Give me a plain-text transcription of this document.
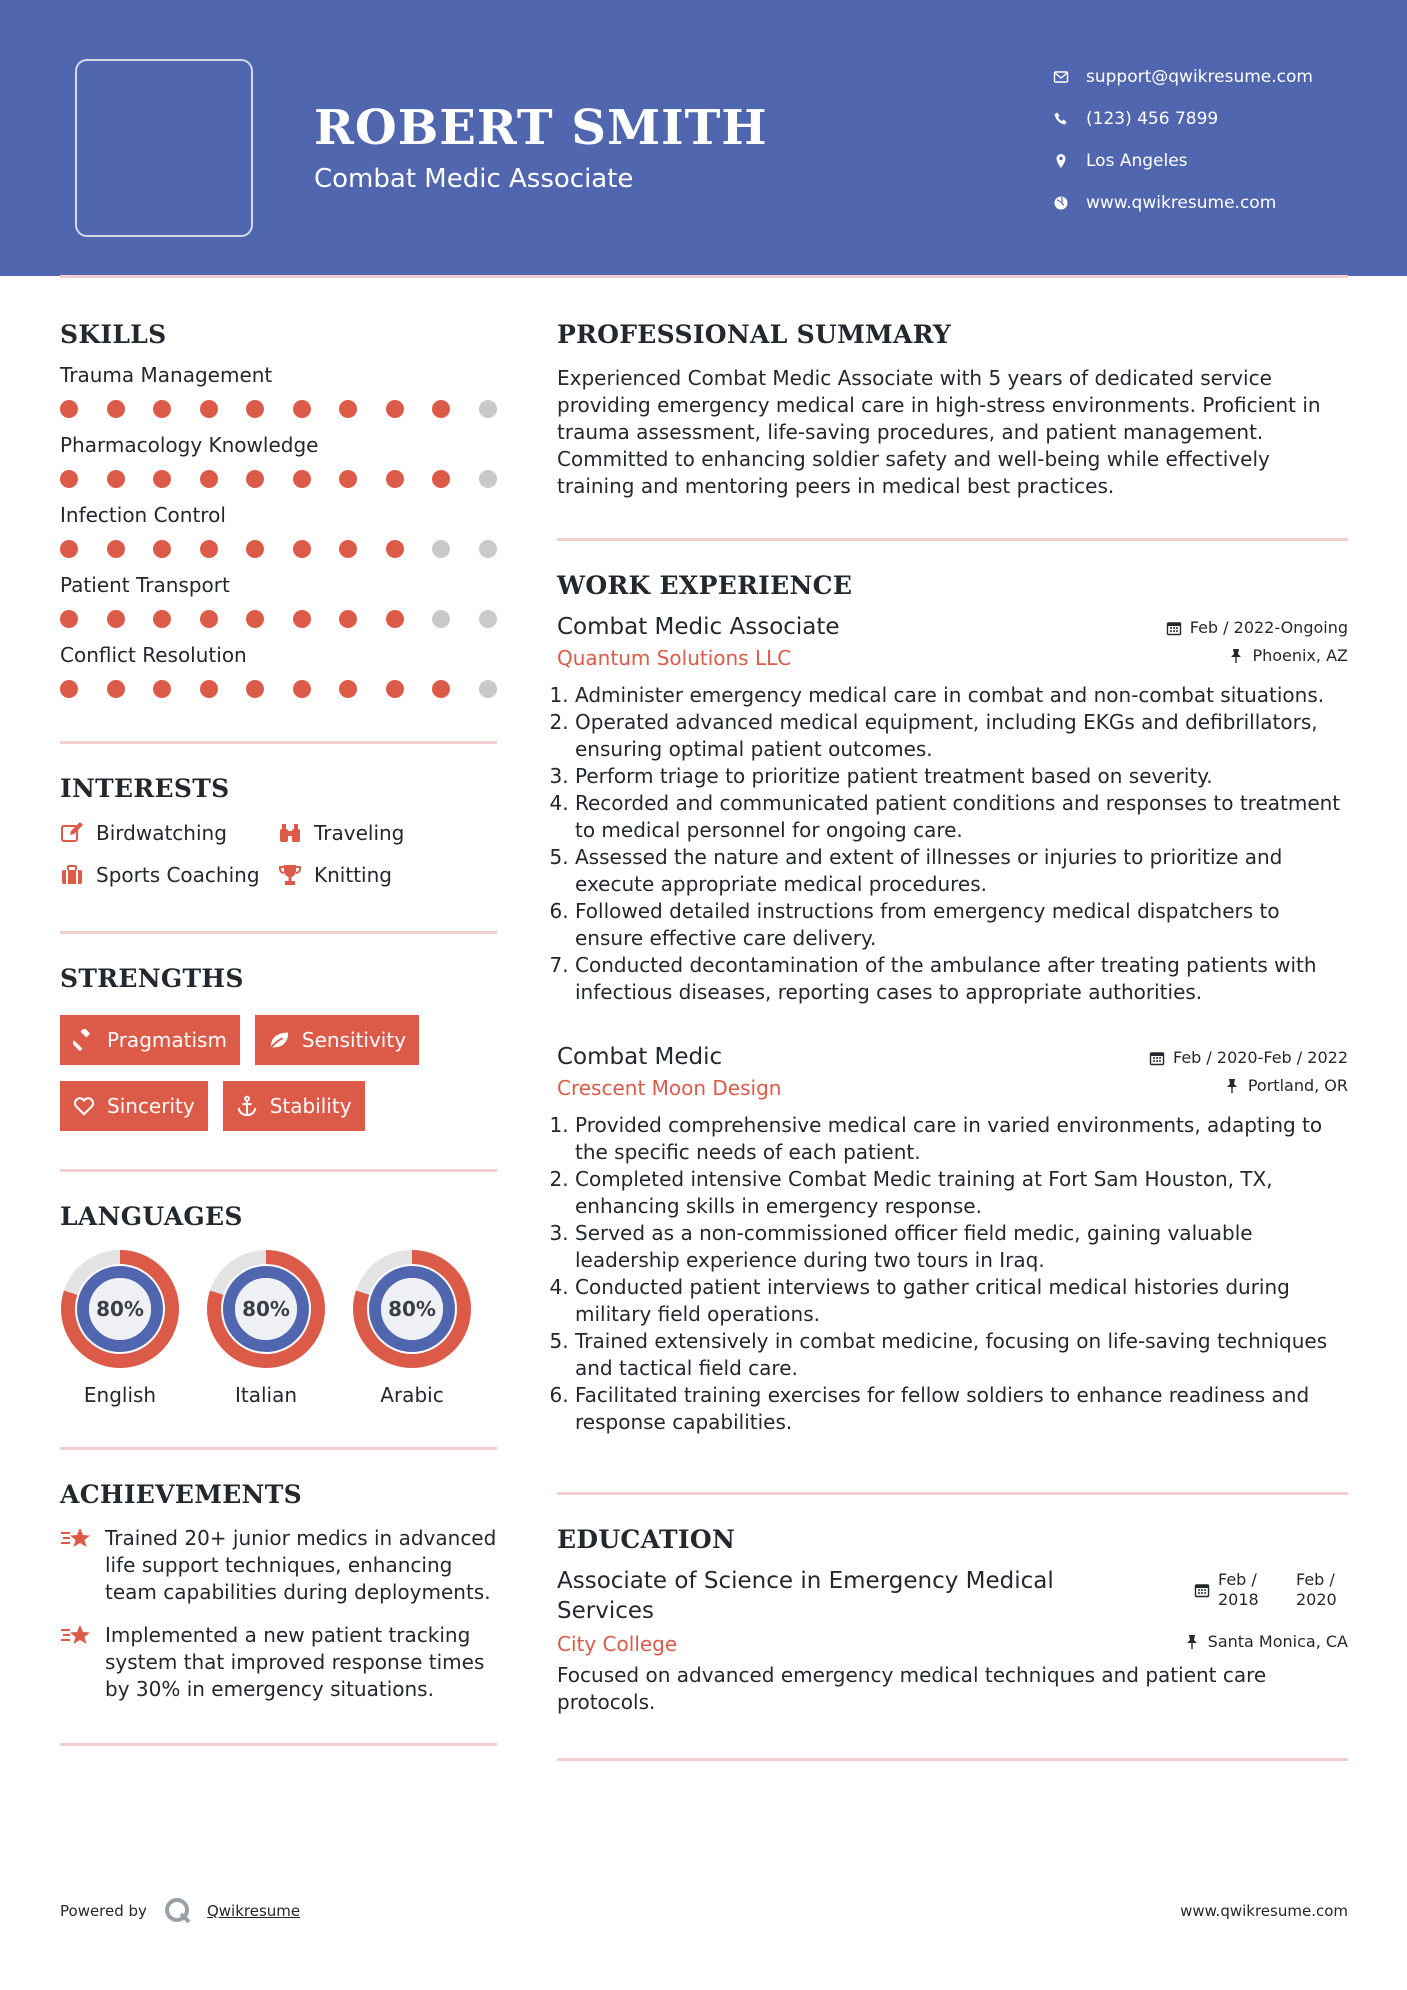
ROBERT SMITH
Combat Medic Associate
support@qwikresume.com
(123) 456 7899
Los Angeles
www.qwikresume.com
SKILLS
Trauma Management
Pharmacology Knowledge
Infection Control
Patient Transport
Conflict Resolution
INTERESTS
Birdwatching	Traveling
Sports Coaching	Knitting
STRENGTHS
Pragmatism	Sensitivity
Sincerity	Stability
LANGUAGES
80%
English
80%
Italian
80%
Arabic
ACHIEVEMENTS
Trained 20+ junior medics in advanced life support techniques, enhancing team capabilities during deployments.
Implemented a new patient tracking system that improved response times by 30% in emergency situations.
PROFESSIONAL SUMMARY
Experienced Combat Medic Associate with 5 years of dedicated service providing emergency medical care in high-stress environments. Proficient in trauma assessment, life-saving procedures, and patient management. Committed to enhancing soldier safety and well-being while effectively training and mentoring peers in medical best practices.
WORK EXPERIENCE
Combat Medic Associate	Feb / 2022-Ongoing
Quantum Solutions LLC	Phoenix, AZ
1. Administer emergency medical care in combat and non-combat situations.
2. Operated advanced medical equipment, including EKGs and defibrillators, ensuring optimal patient outcomes.
3. Perform triage to prioritize patient treatment based on severity.
4. Recorded and communicated patient conditions and responses to treatment to medical personnel for ongoing care.
5. Assessed the nature and extent of illnesses or injuries to prioritize and execute appropriate medical procedures.
6. Followed detailed instructions from emergency medical dispatchers to ensure effective care delivery.
7. Conducted decontamination of the ambulance after treating patients with infectious diseases, reporting cases to appropriate authorities.
Combat Medic	Feb / 2020-Feb / 2022
Crescent Moon Design	Portland, OR
1. Provided comprehensive medical care in varied environments, adapting to the specific needs of each patient.
2. Completed intensive Combat Medic training at Fort Sam Houston, TX, enhancing skills in emergency response.
3. Served as a non-commissioned officer field medic, gaining valuable leadership experience during two tours in Iraq.
4. Conducted patient interviews to gather critical medical histories during military field operations.
5. Trained extensively in combat medicine, focusing on life-saving techniques and tactical field care.
6. Facilitated training exercises for fellow soldiers to enhance readiness and response capabilities.
EDUCATION
Associate of Science in Emergency Medical Services
Feb / 2018
Feb / 2020
City College	Santa Monica, CA
Focused on advanced emergency medical techniques and patient care protocols.
Powered by	Qwikresume	www.qwikresume.com
